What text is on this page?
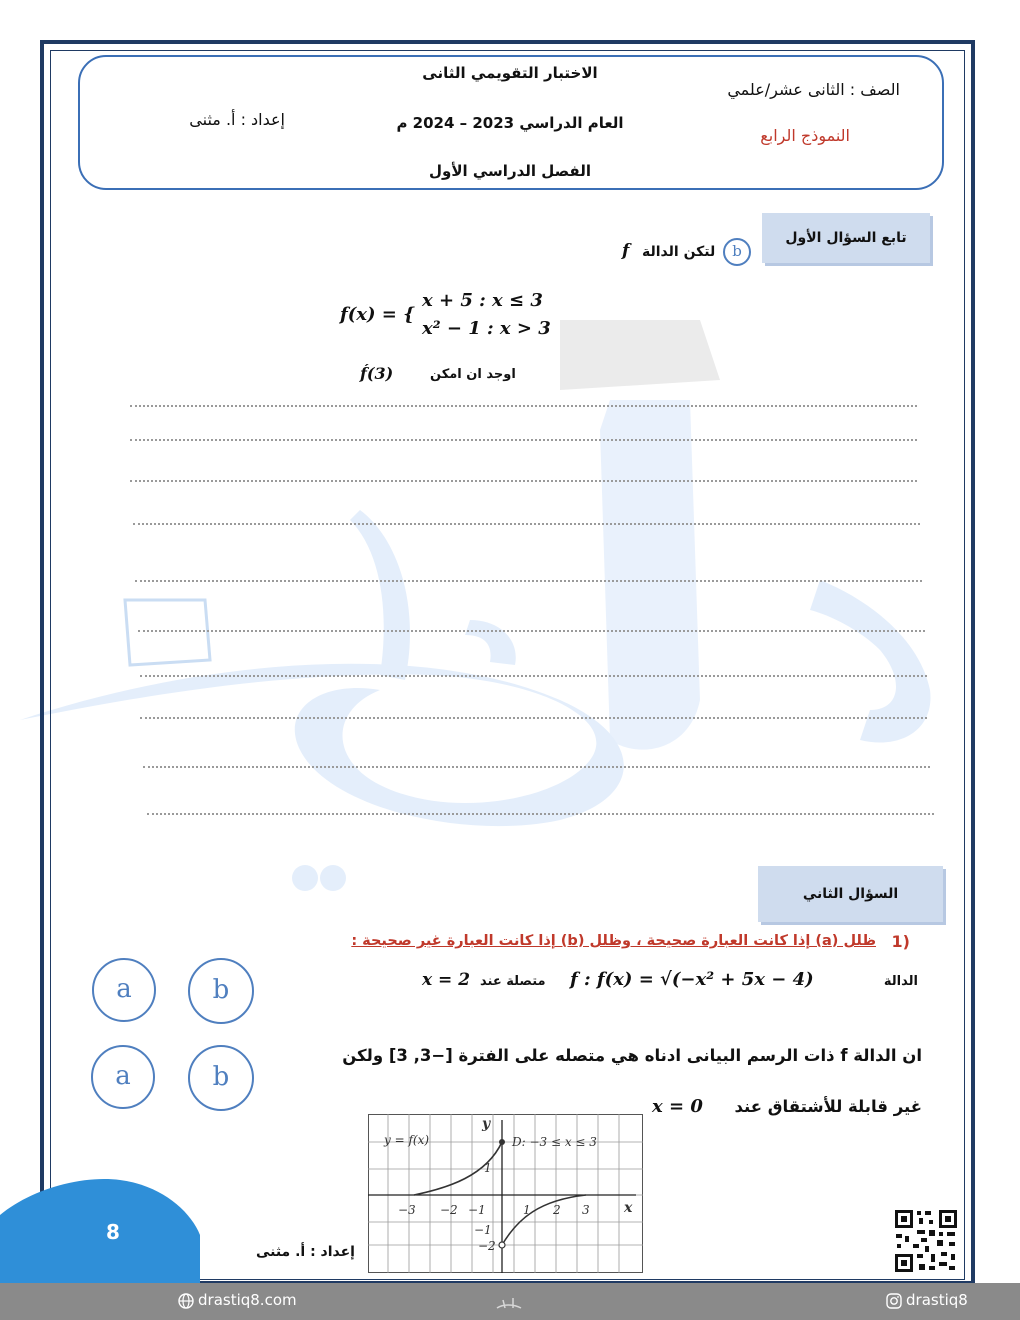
الاختبار التقويمي الثانى
العام الدراسي 2023 – 2024 م
الفصل الدراسي الأول
الصف : الثانى عشر/علمي
النموذج الرابع
إعداد : أ. مثنى
تابع السؤال الأول
b
لتكن الدالة
f
f(x) = {
x + 5 : x ≤ 3
x² − 1 : x > 3
f́(3)	اوجد ان امكن
السؤال الثاني
1)
ظلل (a) إذا كانت العبارة صحيحة ، وظلل (b) إذا كانت العبارة غير صحيحة :
الدالة
f : f(x) = √(−x² + 5x − 4)
متصلة عند
x = 2
a	b
a	b
ان الدالة f ذات الرسم البيانى ادناه هي متصله على الفترة [−3, 3] ولكن
غير قابلة للأشتقاق عند
x = 0
y = f(x)	D: −3 ≤ x ≤ 3
y
x
−3 −2 −1	1 2 3
1
−1
−2
8
إعداد : أ. مثنى
drastiq8.com	drastiq8
